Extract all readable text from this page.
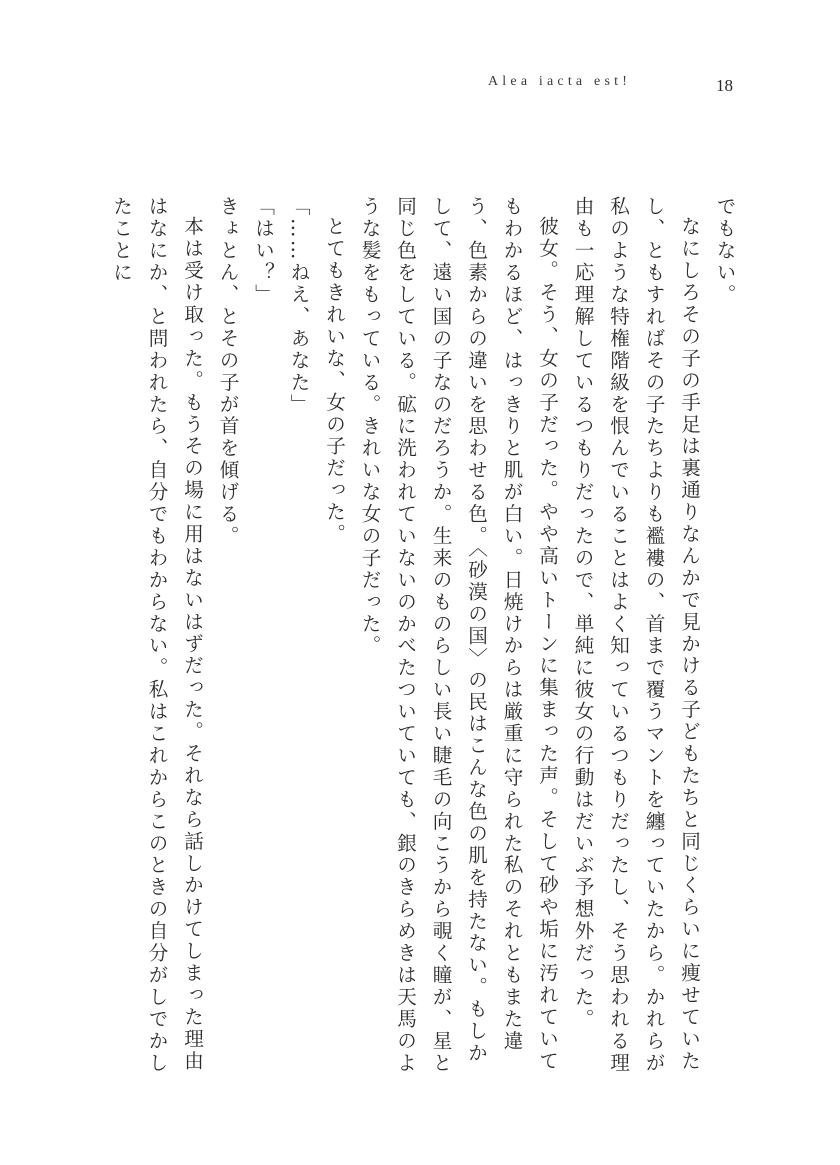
Alea iacta est!	18

でもない。

なにしろその子の手足は裏通りなんかで見かける子どもたちと同じくらいに痩せていたし、ともすればその子たちよりも襤褸の、首まで覆うマントを纏っていたから。かれらが私のような特権階級を恨んでいることはよく知っているつもりだったし、そう思われる理由も一応理解しているつもりだったので、単純に彼女の行動はだいぶ予想外だった。

彼女。そう、女の子だった。やや高いトーンに集まった声。そして砂や垢に汚れていてもわかるほど、はっきりと肌が白い。日焼けからは厳重に守られた私のそれともまた違う、色素からの違いを思わせる色。〈砂漠の国〉の民はこんな色の肌を持たない。もしかして、遠い国の子なのだろうか。生来のものらしい長い睫毛の向こうから覗く瞳が、星と同じ色をしている。砿に洗われていないのかべたついていても、銀のきらめきは天馬のような髪をもっている。きれいな女の子だった。

とてもきれいな、女の子だった。

「……ねえ、あなた」

「はい？」

きょとん、とその子が首を傾げる。

本は受け取った。もうその場に用はないはずだった。それなら話しかけてしまった理由はなにか、と問われたら、自分でもわからない。私はこれからこのときの自分がしでかしたことに
